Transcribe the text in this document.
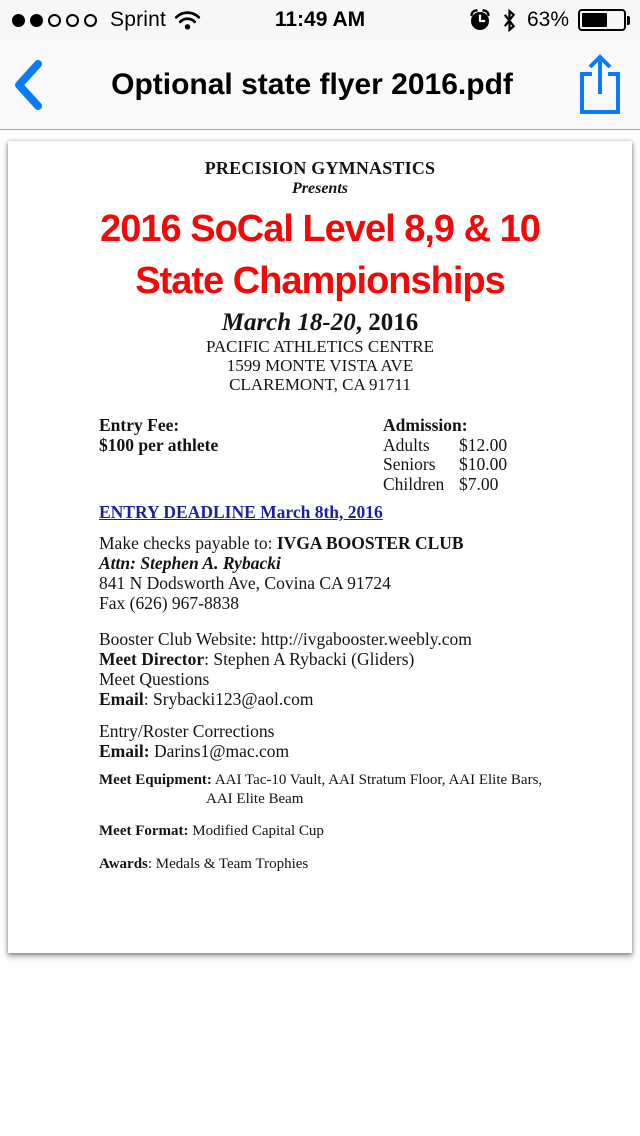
Sprint	11:49 AM	63%
Optional state flyer 2016.pdf
PRECISION GYMNASTICS
Presents
2016 SoCal Level 8,9 & 10
State Championships
March 18-20, 2016
PACIFIC ATHLETICS CENTRE
1599 MONTE VISTA AVE
CLAREMONT, CA 91711
Entry Fee:
$100 per athlete
Admission:
Adults	$12.00
Seniors	$10.00
Children $7.00
ENTRY DEADLINE March 8th, 2016
Make checks payable to: IVGA BOOSTER CLUB
Attn: Stephen A. Rybacki
841 N Dodsworth Ave, Covina CA 91724
Fax (626) 967-8838
Booster Club Website: http://ivgabooster.weebly.com
Meet Director: Stephen A Rybacki (Gliders)
Meet Questions
Email: Srybacki123@aol.com
Entry/Roster Corrections
Email: Darins1@mac.com
Meet Equipment: AAI Tac-10 Vault, AAI Stratum Floor, AAI Elite Bars,
AAI Elite Beam
Meet Format: Modified Capital Cup
Awards: Medals & Team Trophies
